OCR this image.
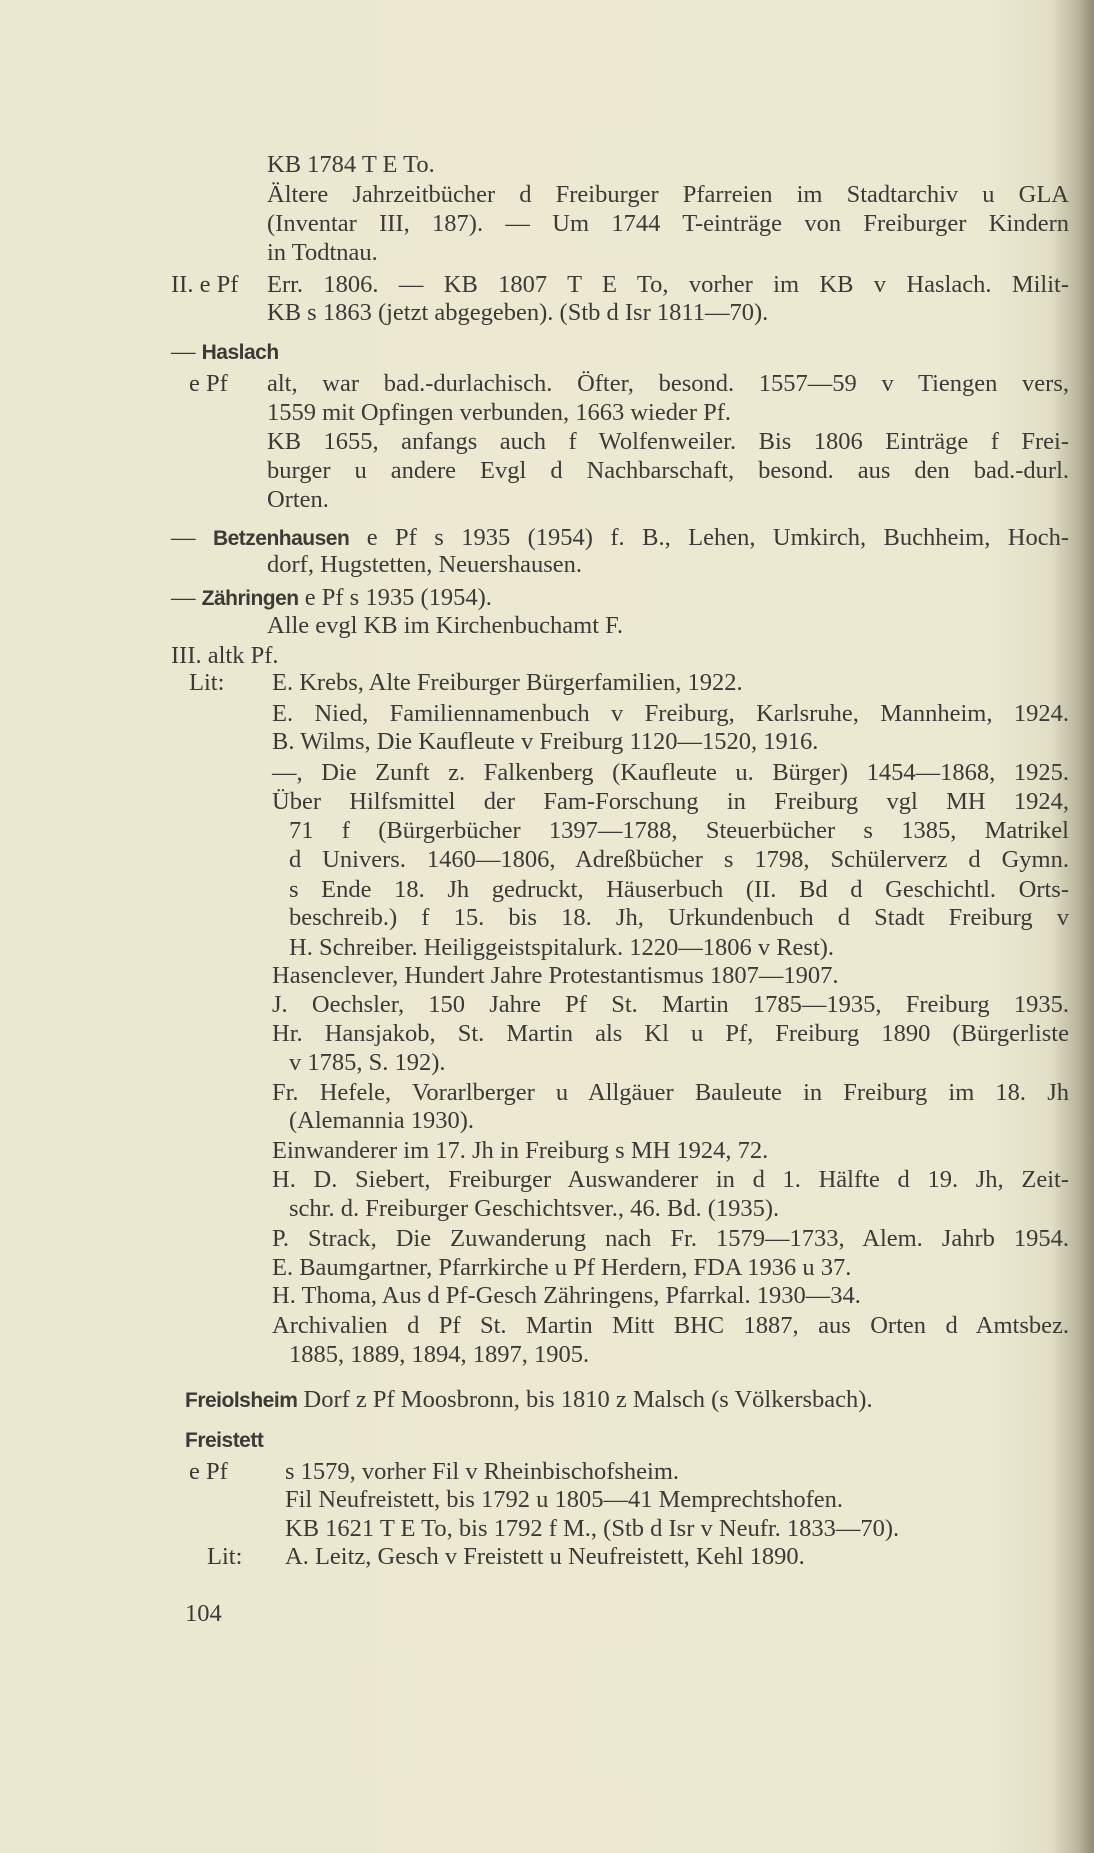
KB 1784 T E To.
Ältere Jahrzeitbücher d Freiburger Pfarreien im Stadtarchiv u GLA
(Inventar III, 187). — Um 1744 T-einträge von Freiburger Kindern
in Todtnau.
II. e Pf Err. 1806. — KB 1807 T E To, vorher im KB v Haslach. Milit-
KB s 1863 (jetzt abgegeben). (Stb d Isr 1811—70).
— Haslach
e Pf alt, war bad.-durlachisch. Öfter, besond. 1557—59 v Tiengen vers,
1559 mit Opfingen verbunden, 1663 wieder Pf.
KB 1655, anfangs auch f Wolfenweiler. Bis 1806 Einträge f Frei-
burger u andere Evgl d Nachbarschaft, besond. aus den bad.-durl.
Orten.
— Betzenhausen e Pf s 1935 (1954) f. B., Lehen, Umkirch, Buchheim, Hoch-
dorf, Hugstetten, Neuershausen.
— Zähringen e Pf s 1935 (1954).
Alle evgl KB im Kirchenbuchamt F.
III. altk Pf.
Lit: E. Krebs, Alte Freiburger Bürgerfamilien, 1922.
E. Nied, Familiennamenbuch v Freiburg, Karlsruhe, Mannheim, 1924.
B. Wilms, Die Kaufleute v Freiburg 1120—1520, 1916.
—, Die Zunft z. Falkenberg (Kaufleute u. Bürger) 1454—1868, 1925.
Über Hilfsmittel der Fam-Forschung in Freiburg vgl MH 1924,
71 f (Bürgerbücher 1397—1788, Steuerbücher s 1385, Matrikel
d Univers. 1460—1806, Adreßbücher s 1798, Schülerverz d Gymn.
s Ende 18. Jh gedruckt, Häuserbuch (II. Bd d Geschichtl. Orts-
beschreib.) f 15. bis 18. Jh, Urkundenbuch d Stadt Freiburg v
H. Schreiber. Heiliggeistspitalurk. 1220—1806 v Rest).
Hasenclever, Hundert Jahre Protestantismus 1807—1907.
J. Oechsler, 150 Jahre Pf St. Martin 1785—1935, Freiburg 1935.
Hr. Hansjakob, St. Martin als Kl u Pf, Freiburg 1890 (Bürgerliste
v 1785, S. 192).
Fr. Hefele, Vorarlberger u Allgäuer Bauleute in Freiburg im 18. Jh
(Alemannia 1930).
Einwanderer im 17. Jh in Freiburg s MH 1924, 72.
H. D. Siebert, Freiburger Auswanderer in d 1. Hälfte d 19. Jh, Zeit-
schr. d. Freiburger Geschichtsver., 46. Bd. (1935).
P. Strack, Die Zuwanderung nach Fr. 1579—1733, Alem. Jahrb 1954.
E. Baumgartner, Pfarrkirche u Pf Herdern, FDA 1936 u 37.
H. Thoma, Aus d Pf-Gesch Zähringens, Pfarrkal. 1930—34.
Archivalien d Pf St. Martin Mitt BHC 1887, aus Orten d Amtsbez.
1885, 1889, 1894, 1897, 1905.
Freiolsheim Dorf z Pf Moosbronn, bis 1810 z Malsch (s Völkersbach).
Freistett
e Pf s 1579, vorher Fil v Rheinbischofsheim.
Fil Neufreistett, bis 1792 u 1805—41 Memprechtshofen.
KB 1621 T E To, bis 1792 f M., (Stb d Isr v Neufr. 1833—70).
Lit: A. Leitz, Gesch v Freistett u Neufreistett, Kehl 1890.
104
